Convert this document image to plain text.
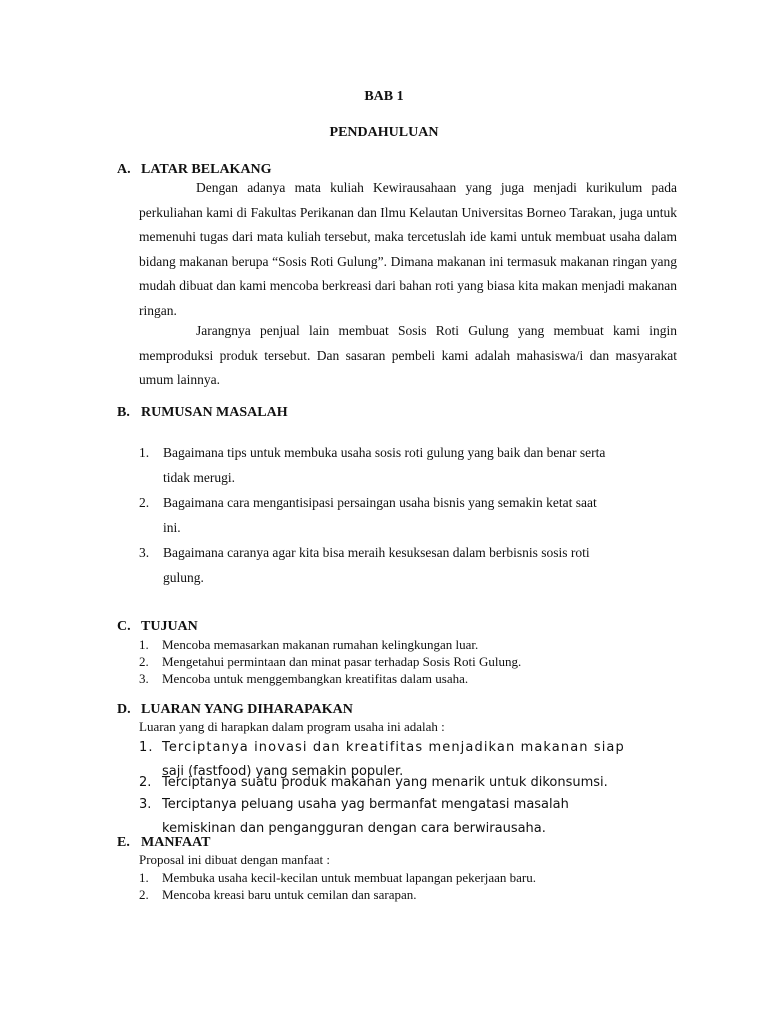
BAB 1
PENDAHULUAN
A. LATAR BELAKANG
Dengan adanya mata kuliah Kewirausahaan yang juga menjadi kurikulum pada perkuliahan kami di Fakultas Perikanan dan Ilmu Kelautan Universitas Borneo Tarakan, juga untuk memenuhi tugas dari mata kuliah tersebut, maka tercetuslah ide kami untuk membuat usaha dalam bidang makanan berupa “Sosis Roti Gulung”. Dimana makanan ini termasuk makanan ringan yang mudah dibuat dan kami mencoba berkreasi dari bahan roti yang biasa kita makan menjadi makanan ringan.
Jarangnya penjual lain membuat Sosis Roti Gulung yang membuat kami ingin memproduksi produk tersebut. Dan sasaran pembeli kami adalah mahasiswa/i dan masyarakat umum lainnya.
B. RUMUSAN MASALAH
1.	Bagaimana tips untuk membuka usaha sosis roti gulung yang baik dan benar serta
tidak merugi.
2.	Bagaimana cara mengantisipasi persaingan usaha bisnis yang semakin ketat saat
ini.
3.	Bagaimana caranya agar kita bisa meraih kesuksesan dalam berbisnis sosis roti
gulung.
C. TUJUAN
1. Mencoba memasarkan makanan rumahan kelingkungan luar.
2. Mengetahui permintaan dan minat pasar terhadap Sosis Roti Gulung.
3. Mencoba untuk menggembangkan kreatifitas dalam usaha.
D. LUARAN YANG DIHARAPAKAN
Luaran yang di harapkan dalam program usaha ini adalah :
1. Terciptanya inovasi dan kreatifitas menjadikan makanan siap
saji (fastfood) yang semakin populer.
2. Terciptanya suatu produk makanan yang menarik untuk dikonsumsi.
3. Terciptanya peluang usaha yag bermanfat mengatasi masalah
kemiskinan dan pengangguran dengan cara berwirausaha.
E. MANFAAT
Proposal ini dibuat dengan manfaat :
1. Membuka usaha kecil-kecilan untuk membuat lapangan pekerjaan baru.
2. Mencoba kreasi baru untuk cemilan dan sarapan.
